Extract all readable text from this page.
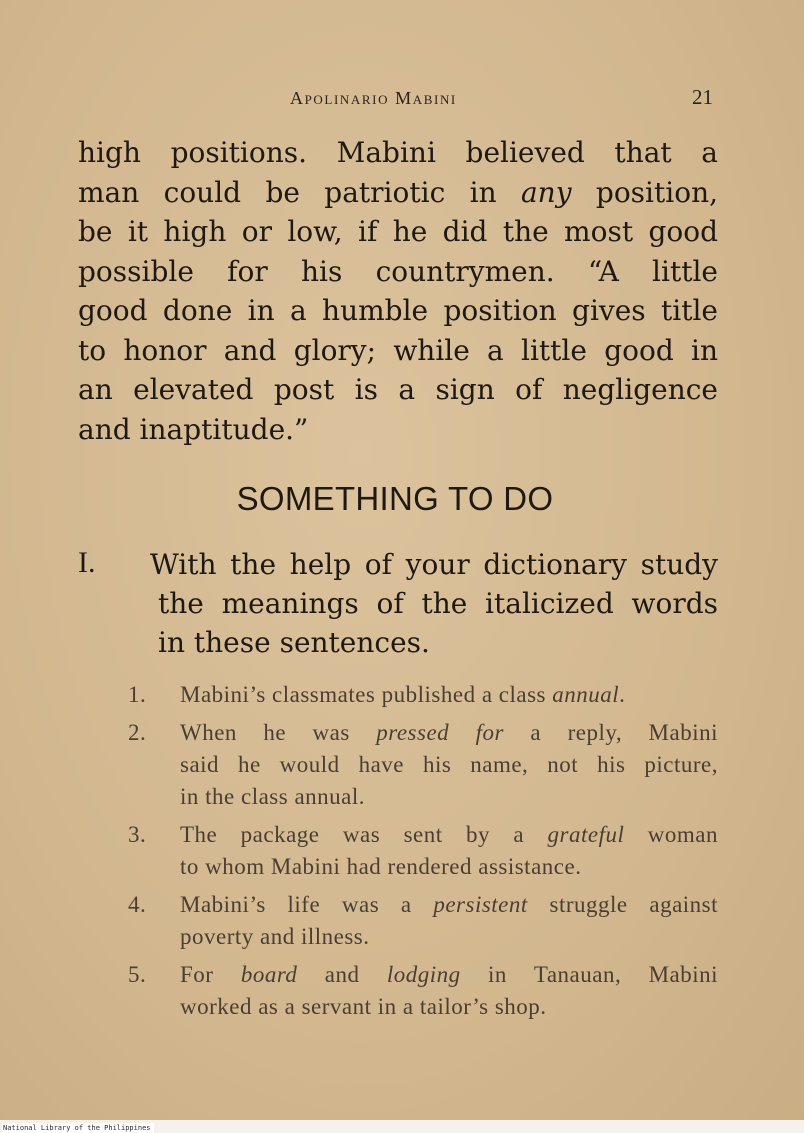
Apolinario Mabini	21
high positions. Mabini believed that a
man could be patriotic in any position,
be it high or low, if he did the most good
possible for his countrymen. “A little
good done in a humble position gives title
to honor and glory; while a little good in
an elevated post is a sign of negligence
and inaptitude.”
SOMETHING TO DO
I. With the help of your dictionary study
the meanings of the italicized words
in these sentences.
1. Mabini’s classmates published a class annual.
2. When he was pressed for a reply, Mabini
said he would have his name, not his picture,
in the class annual.
3. The package was sent by a grateful woman
to whom Mabini had rendered assistance.
4. Mabini’s life was a persistent struggle against
poverty and illness.
5. For board and lodging in Tanauan, Mabini
worked as a servant in a tailor’s shop.
National Library of the Philippines
